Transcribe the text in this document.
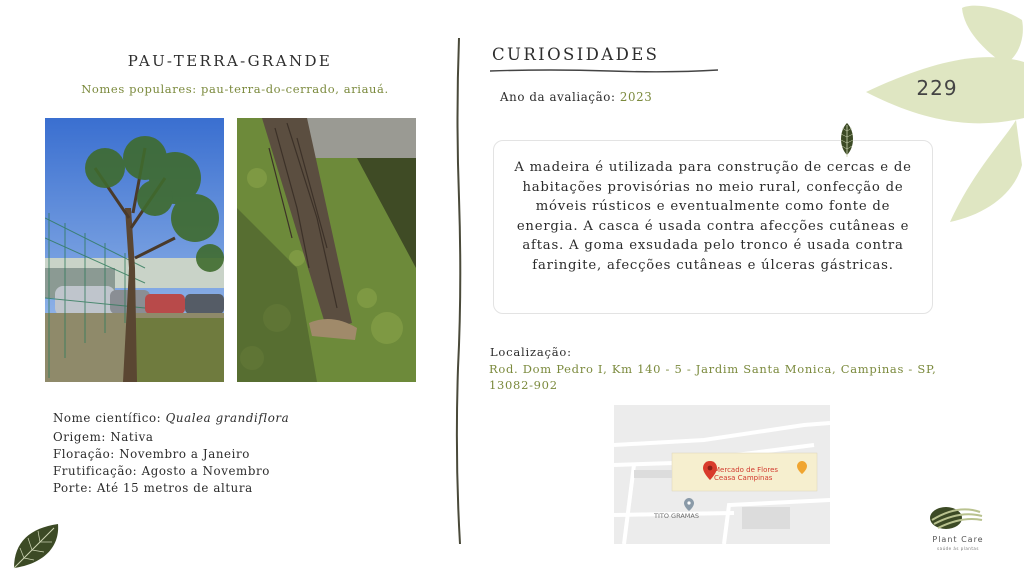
PAU-TERRA-GRANDE
Nomes populares: pau-terra-do-cerrado, ariauá.
Nome científico: Qualea grandiflora
Origem: Nativa
Floração: Novembro a Janeiro
Frutificação: Agosto a Novembro
Porte: Até 15 metros de altura
CURIOSIDADES
Ano da avaliação: 2023
A madeira é utilizada para construção de cercas e de habitações provisórias no meio rural, confecção de móveis rústicos e eventualmente como fonte de energia. A casca é usada contra afecções cutâneas e aftas. A goma exsudada pelo tronco é usada contra faringite, afecções cutâneas e úlceras gástricas.
Localização:
Rod. Dom Pedro I, Km 140 - 5 - Jardim Santa Monica, Campinas - SP, 13082-902
Mercado de Flores
Ceasa Campinas
TITO GRAMAS
229
Plant Care
saúde às plantas
